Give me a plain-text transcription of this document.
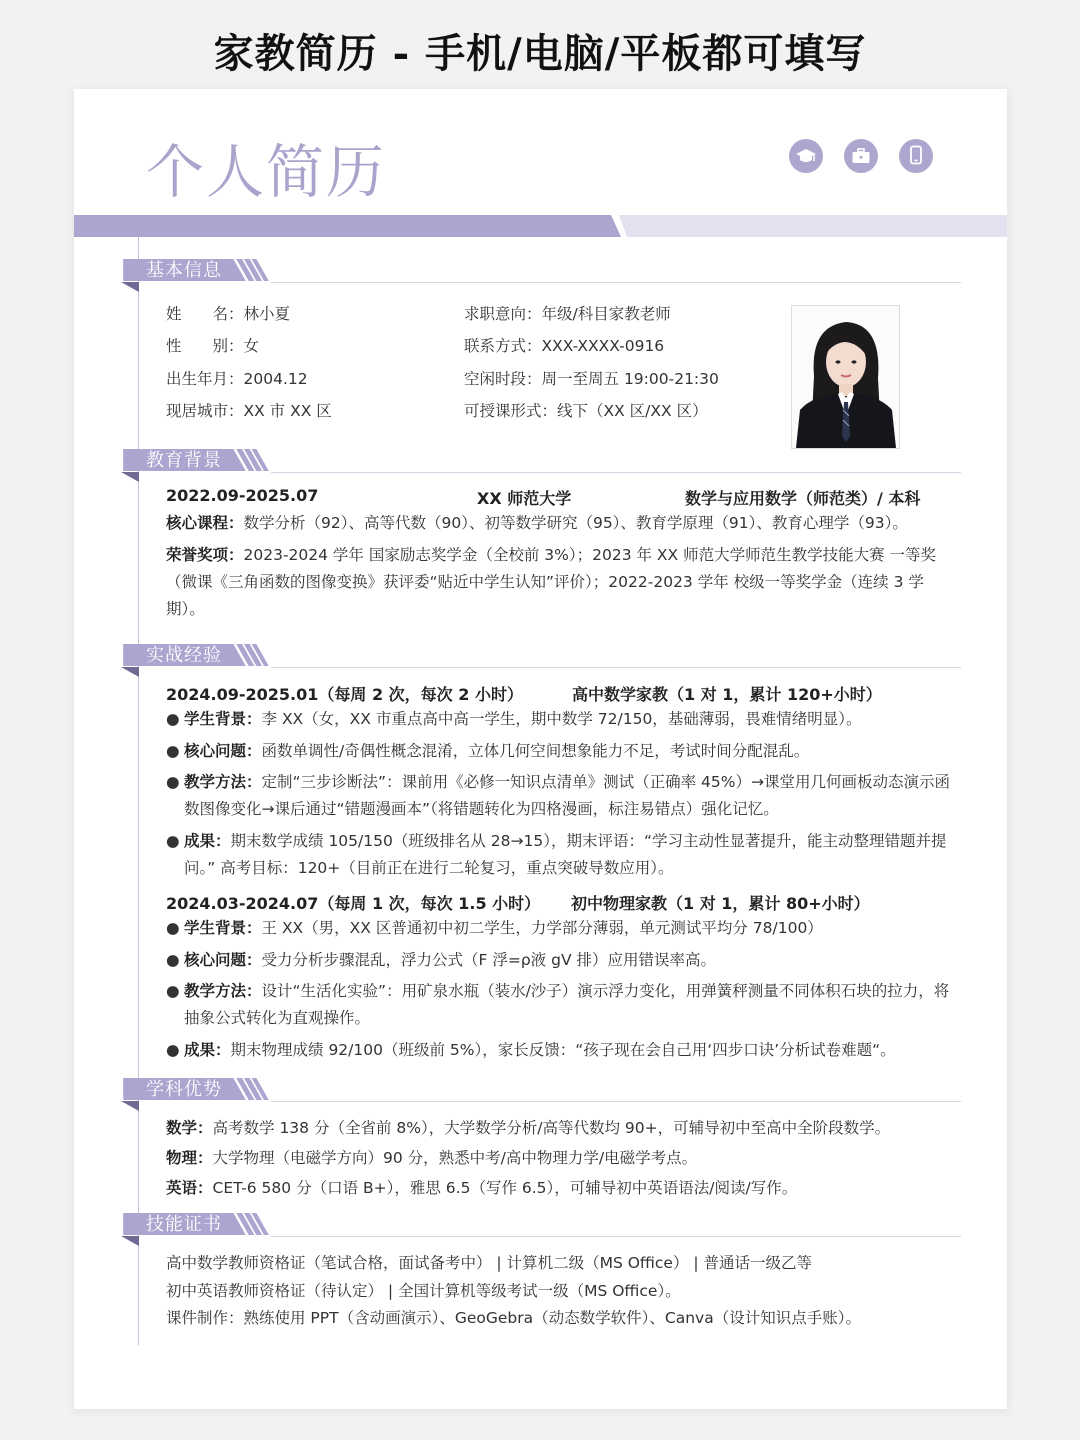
家教简历 - 手机/电脑/平板都可填写
个人简历
基本信息
姓　　名：林小夏
性　　别：女
出生年月：2004.12
现居城市：XX 市 XX 区
求职意向：年级/科目家教老师
联系方式：XXX-XXXX-0916
空闲时段：周一至周五 19:00-21:30
可授课形式：线下（XX 区/XX 区）
教育背景
2022.09-2025.07	XX 师范大学	数学与应用数学（师范类）/ 本科
核心课程：数学分析（92）、高等代数（90）、初等数学研究（95）、教育学原理（91）、教育心理学（93）。
荣誉奖项：2023-2024 学年 国家励志奖学金（全校前 3%）；2023 年 XX 师范大学师范生教学技能大赛 一等奖（微课《三角函数的图像变换》获评委“贴近中学生认知”评价）；2022-2023 学年 校级一等奖学金（连续 3 学期）。
实战经验
2024.09-2025.01（每周 2 次，每次 2 小时）	高中数学家教（1 对 1，累计 120+小时）
● 学生背景：李 XX（女，XX 市重点高中高一学生，期中数学 72/150，基础薄弱，畏难情绪明显）。
● 核心问题：函数单调性/奇偶性概念混淆，立体几何空间想象能力不足，考试时间分配混乱。
● 教学方法：定制“三步诊断法”：课前用《必修一知识点清单》测试（正确率 45%）→课堂用几何画板动态演示函数图像变化→课后通过“错题漫画本”（将错题转化为四格漫画，标注易错点）强化记忆。
● 成果：期末数学成绩 105/150（班级排名从 28→15），期末评语：“学习主动性显著提升，能主动整理错题并提问。” 高考目标：120+（目前正在进行二轮复习，重点突破导数应用）。
2024.03-2024.07（每周 1 次，每次 1.5 小时） 初中物理家教（1 对 1，累计 80+小时）
● 学生背景：王 XX（男，XX 区普通初中初二学生，力学部分薄弱，单元测试平均分 78/100）
● 核心问题：受力分析步骤混乱，浮力公式（F 浮=ρ液 gV 排）应用错误率高。
● 教学方法：设计“生活化实验”：用矿泉水瓶（装水/沙子）演示浮力变化，用弹簧秤测量不同体积石块的拉力，将抽象公式转化为直观操作。
● 成果：期末物理成绩 92/100（班级前 5%），家长反馈：“孩子现在会自己用‘四步口诀’分析试卷难题“。
学科优势
数学：高考数学 138 分（全省前 8%），大学数学分析/高等代数均 90+，可辅导初中至高中全阶段数学。
物理：大学物理（电磁学方向）90 分，熟悉中考/高中物理力学/电磁学考点。
英语：CET-6 580 分（口语 B+），雅思 6.5（写作 6.5），可辅导初中英语语法/阅读/写作。
技能证书
高中数学教师资格证（笔试合格，面试备考中） | 计算机二级（MS Office） | 普通话一级乙等
初中英语教师资格证（待认定） | 全国计算机等级考试一级（MS Office）。
课件制作：熟练使用 PPT（含动画演示）、GeoGebra（动态数学软件）、Canva（设计知识点手账）。
